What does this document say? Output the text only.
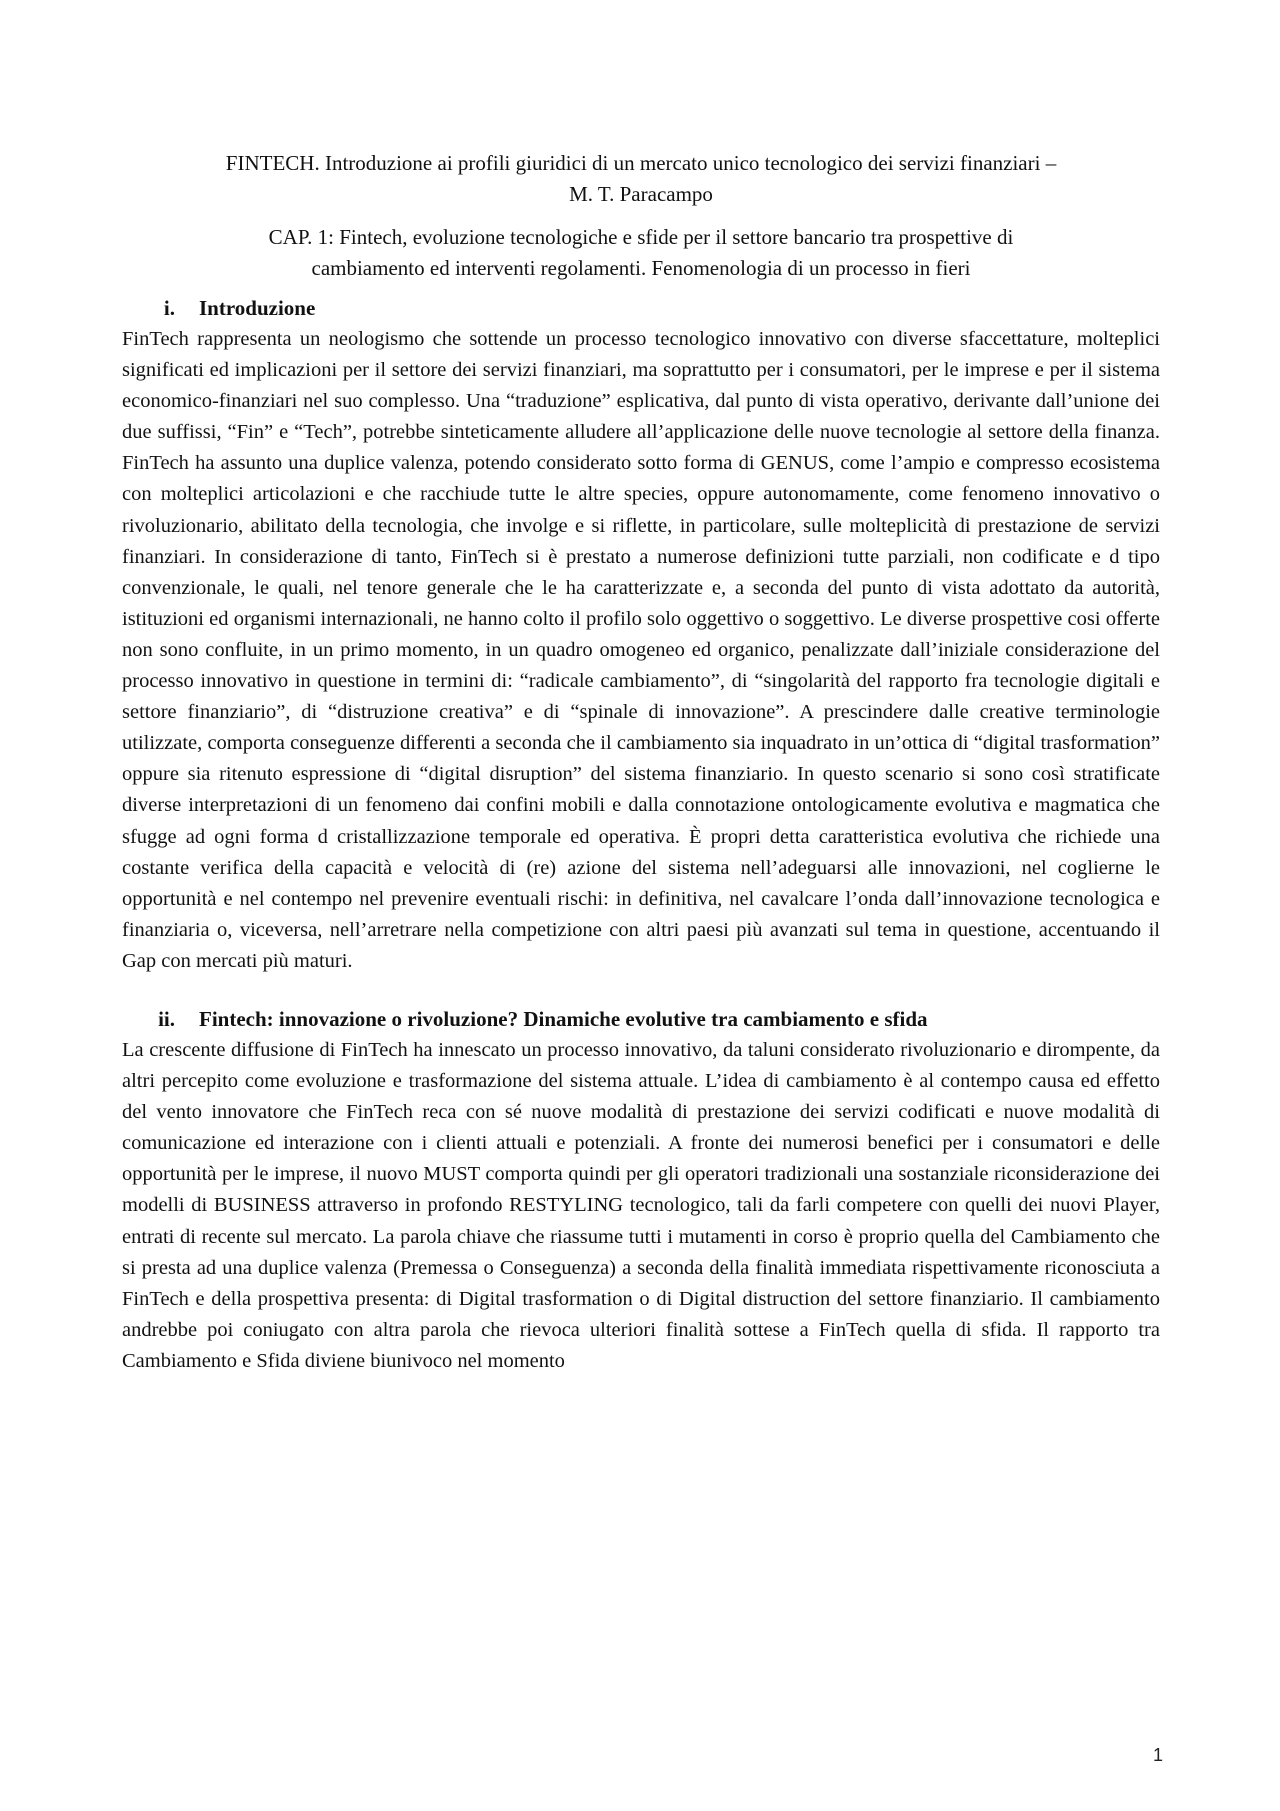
FINTECH. Introduzione ai profili giuridici di un mercato unico tecnologico dei servizi finanziari –
M. T. Paracampo

CAP. 1: Fintech, evoluzione tecnologiche e sfide per il settore bancario tra prospettive di
cambiamento ed interventi regolamenti. Fenomenologia di un processo in fieri

i.	Introduzione

FinTech rappresenta un neologismo che sottende un processo tecnologico innovativo con diverse sfaccettature, molteplici significati ed implicazioni per il settore dei servizi finanziari, ma soprattutto per i consumatori, per le imprese e per il sistema economico-finanziari nel suo complesso. Una “traduzione” esplicativa, dal punto di vista operativo, derivante dall’unione dei due suffissi, “Fin” e “Tech”, potrebbe sinteticamente alludere all’applicazione delle nuove tecnologie al settore della finanza. FinTech ha assunto una duplice valenza, potendo considerato sotto forma di GENUS, come l’ampio e compresso ecosistema con molteplici articolazioni e che racchiude tutte le altre species, oppure autonomamente, come fenomeno innovativo o rivoluzionario, abilitato della tecnologia, che involge e si riflette, in particolare, sulle molteplicità di prestazione de servizi finanziari. In considerazione di tanto, FinTech si è prestato a numerose definizioni tutte parziali, non codificate e d tipo convenzionale, le quali, nel tenore generale che le ha caratterizzate e, a seconda del punto di vista adottato da autorità, istituzioni ed organismi internazionali, ne hanno colto il profilo solo oggettivo o soggettivo. Le diverse prospettive cosi offerte non sono confluite, in un primo momento, in un quadro omogeneo ed organico, penalizzate dall’iniziale considerazione del processo innovativo in questione in termini di: “radicale cambiamento”, di “singolarità del rapporto fra tecnologie digitali e settore finanziario”, di “distruzione creativa” e di “spinale di innovazione”. A prescindere dalle creative terminologie utilizzate, comporta conseguenze differenti a seconda che il cambiamento sia inquadrato in un’ottica di “digital trasformation” oppure sia ritenuto espressione di “digital disruption” del sistema finanziario. In questo scenario si sono così stratificate diverse interpretazioni di un fenomeno dai confini mobili e dalla connotazione ontologicamente evolutiva e magmatica che sfugge ad ogni forma d cristallizzazione temporale ed operativa. È propri detta caratteristica evolutiva che richiede una costante verifica della capacità e velocità di (re) azione del sistema nell’adeguarsi alle innovazioni, nel coglierne le opportunità e nel contempo nel prevenire eventuali rischi: in definitiva, nel cavalcare l’onda dall’innovazione tecnologica e finanziaria o, viceversa, nell’arretrare nella competizione con altri paesi più avanzati sul tema in questione, accentuando il Gap con mercati più maturi.

ii.	Fintech: innovazione o rivoluzione? Dinamiche evolutive tra cambiamento e sfida

La crescente diffusione di FinTech ha innescato un processo innovativo, da taluni considerato rivoluzionario e dirompente, da altri percepito come evoluzione e trasformazione del sistema attuale. L’idea di cambiamento è al contempo causa ed effetto del vento innovatore che FinTech reca con sé nuove modalità di prestazione dei servizi codificati e nuove modalità di comunicazione ed interazione con i clienti attuali e potenziali. A fronte dei numerosi benefici per i consumatori e delle opportunità per le imprese, il nuovo MUST comporta quindi per gli operatori tradizionali una sostanziale riconsiderazione dei modelli di BUSINESS attraverso in profondo RESTYLING tecnologico, tali da farli competere con quelli dei nuovi Player, entrati di recente sul mercato. La parola chiave che riassume tutti i mutamenti in corso è proprio quella del Cambiamento che si presta ad una duplice valenza (Premessa o Conseguenza) a seconda della finalità immediata rispettivamente riconosciuta a FinTech e della prospettiva presenta: di Digital trasformation o di Digital distruction del settore finanziario. Il cambiamento andrebbe poi coniugato con altra parola che rievoca ulteriori finalità sottese a FinTech quella di sfida. Il rapporto tra Cambiamento e Sfida diviene biunivoco nel momento

1
